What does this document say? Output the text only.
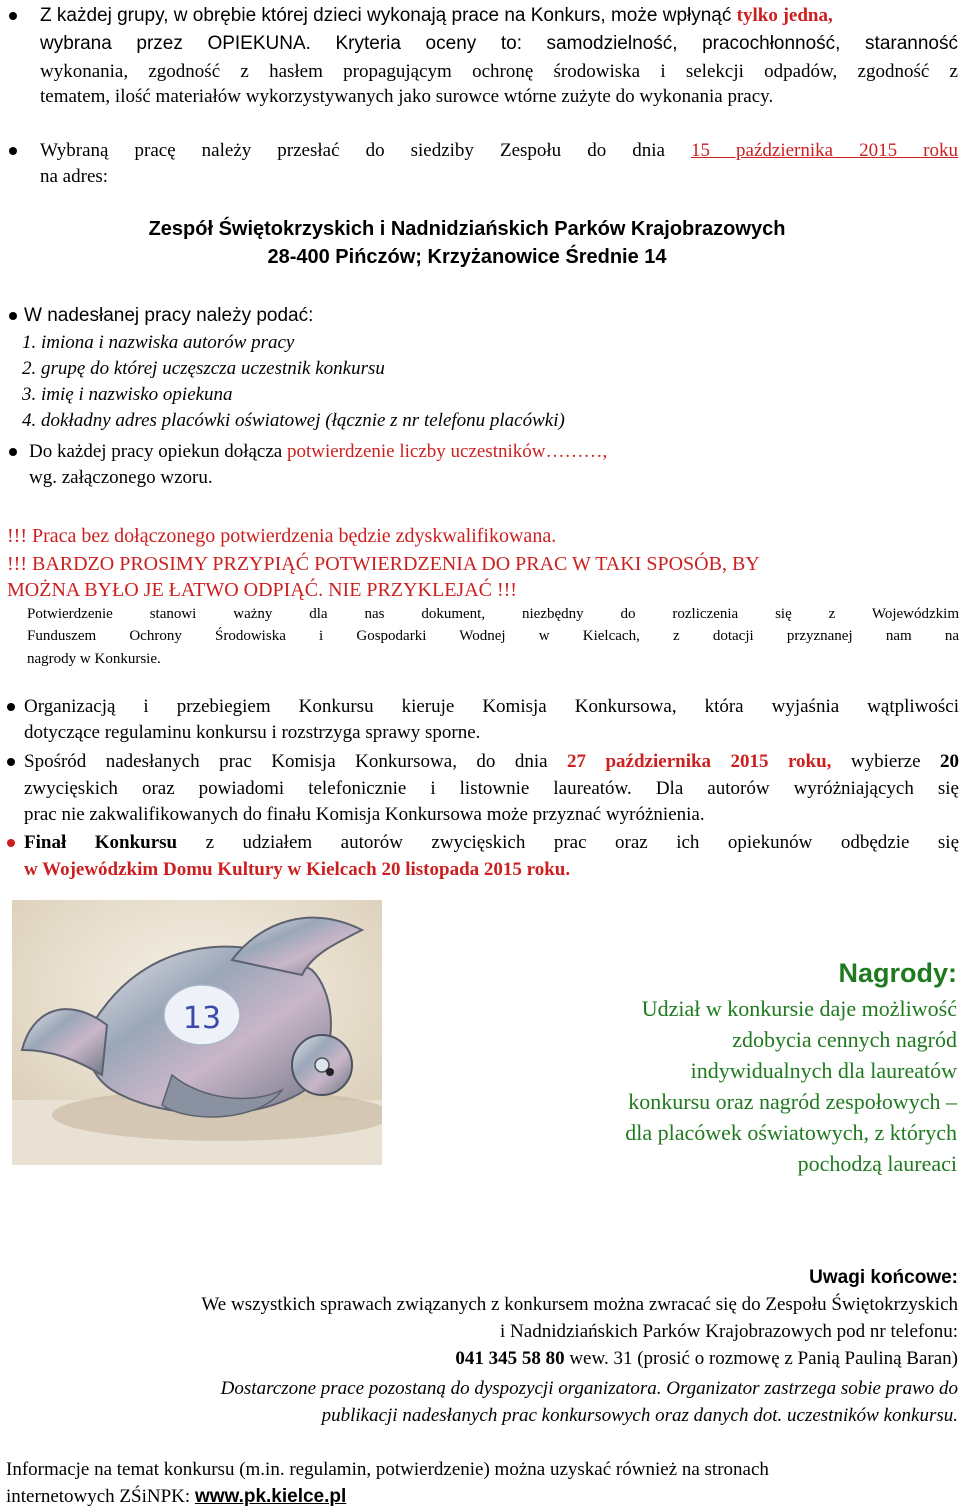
Z każdej grupy, w obrębie której dzieci wykonają prace na Konkurs, może wpłynąć tylko jedna,
wybrana przez OPIEKUNA. Kryteria oceny to: samodzielność, pracochłonność, staranność
wykonania, zgodność z hasłem propagującym ochronę środowiska i selekcji odpadów, zgodność z
tematem, ilość materiałów wykorzystywanych jako surowce wtórne zużyte do wykonania pracy.
Wybraną pracę należy przesłać do siedziby Zespołu do dnia 15 października 2015 roku
na adres:
Zespół Świętokrzyskich i Nadnidziańskich Parków Krajobrazowych
28-400 Pińczów; Krzyżanowice Średnie 14
W nadesłanej pracy należy podać:
1. imiona i nazwiska autorów pracy
2. grupę do której uczęszcza uczestnik konkursu
3. imię i nazwisko opiekuna
4. dokładny adres placówki oświatowej (łącznie z nr telefonu placówki)
Do każdej pracy opiekun dołącza potwierdzenie liczby uczestników………,
wg. załączonego wzoru.
!!! Praca bez dołączonego potwierdzenia będzie zdyskwalifikowana.
!!! BARDZO PROSIMY PRZYPIĄĆ POTWIERDZENIA DO PRAC W TAKI SPOSÓB, BY
MOŻNA BYŁO JE ŁATWO ODPIĄĆ. NIE PRZYKLEJAĆ !!!
Potwierdzenie stanowi ważny dla nas dokument, niezbędny do rozliczenia się z Wojewódzkim
Funduszem Ochrony Środowiska i Gospodarki Wodnej w Kielcach, z dotacji przyznanej nam na
nagrody w Konkursie.
Organizacją i przebiegiem Konkursu kieruje Komisja Konkursowa, która wyjaśnia wątpliwości
dotyczące regulaminu konkursu i rozstrzyga sprawy sporne.
Spośród nadesłanych prac Komisja Konkursowa, do dnia 27 października 2015 roku, wybierze 20
zwycięskich oraz powiadomi telefonicznie i listownie laureatów. Dla autorów wyróżniających się
prac nie zakwalifikowanych do finału Komisja Konkursowa może przyznać wyróżnienia.
Finał Konkursu z udziałem autorów zwycięskich prac oraz ich opiekunów odbędzie się
w Wojewódzkim Domu Kultury w Kielcach 20 listopada 2015 roku.
13
Nagrody:
Udział w konkursie daje możliwość
zdobycia cennych nagród
indywidualnych dla laureatów
konkursu oraz nagród zespołowych –
dla placówek oświatowych, z których
pochodzą laureaci
Uwagi końcowe:
We wszystkich sprawach związanych z konkursem można zwracać się do Zespołu Świętokrzyskich
i Nadnidziańskich Parków Krajobrazowych pod nr telefonu:
041 345 58 80 wew. 31 (prosić o rozmowę z Panią Pauliną Baran)
Dostarczone prace pozostaną do dyspozycji organizatora. Organizator zastrzega sobie prawo do
publikacji nadesłanych prac konkursowych oraz danych dot. uczestników konkursu.
Informacje na temat konkursu (m.in. regulamin, potwierdzenie) można uzyskać również na stronach
internetowych ZŚiNPK: www.pk.kielce.pl
